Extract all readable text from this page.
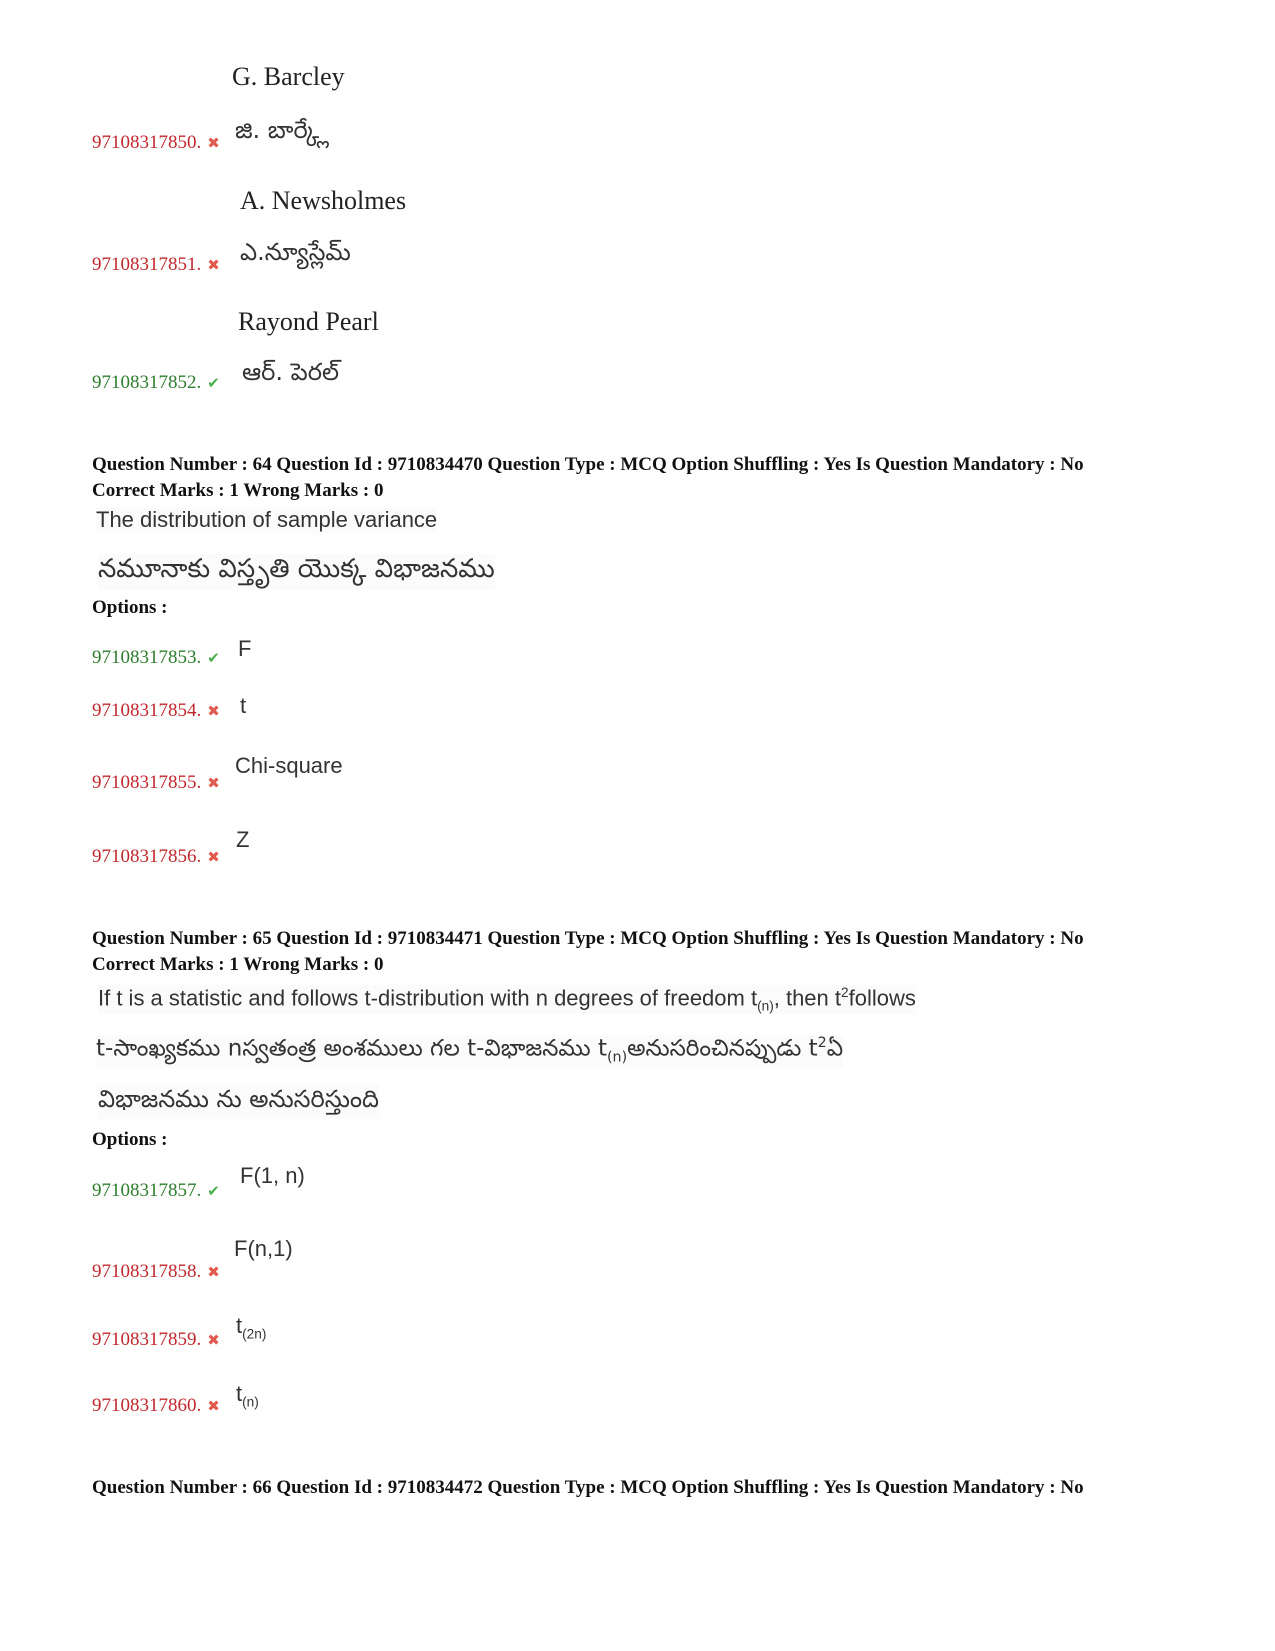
G. Barcley
జి. బార్క్లే
97108317850. ✖
A. Newsholmes
ఎ.న్యూస్లేమ్
97108317851. ✖
Rayond Pearl
ఆర్. పెరల్
97108317852. ✔
Question Number : 64 Question Id : 9710834470 Question Type : MCQ Option Shuffling : Yes Is Question Mandatory : No
Correct Marks : 1 Wrong Marks : 0
The distribution of sample variance
నమూనాకు విస్తృతి యొక్క విభాజనము
Options :
97108317853. ✔ F
97108317854. ✖ t
97108317855. ✖
Chi-square
97108317856. ✖
Z
Question Number : 65 Question Id : 9710834471 Question Type : MCQ Option Shuffling : Yes Is Question Mandatory : No
Correct Marks : 1 Wrong Marks : 0
If t is a statistic and follows t-distribution with n degrees of freedom $t_{(n)}$, then $t^2follows$
t-సాంఖ్యకము nస్వతంత్ర అంశములు గల t-విభాజనము $t_{(n)}అనుసరించినప్పుడు$ $t^2ఏ$
విభాజనము ను అనుసరిస్తుంది
Options :
97108317857. ✔
F(1, n)
97108317858. ✖
F(n,1)
97108317859. ✖
$t_{(2n)}$
97108317860. ✖ $t_{(n)}$
Question Number : 66 Question Id : 9710834472 Question Type : MCQ Option Shuffling : Yes Is Question Mandatory : No
